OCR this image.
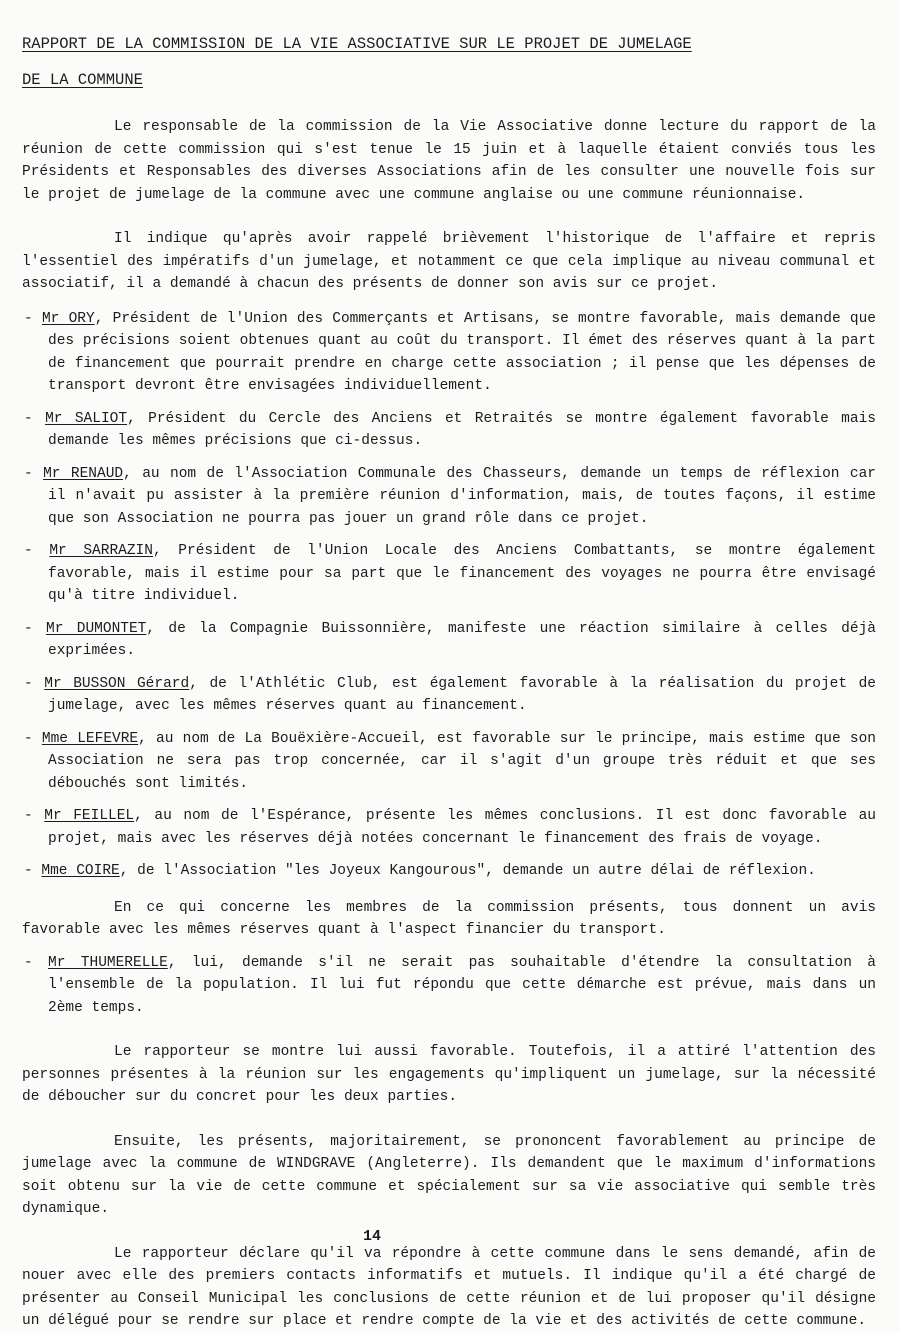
RAPPORT DE LA COMMISSION DE LA VIE ASSOCIATIVE SUR LE PROJET DE JUMELAGE
DE LA COMMUNE

Le responsable de la commission de la Vie Associative donne lecture du rapport de la réunion de cette commission qui s'est tenue le 15 juin et à laquelle étaient conviés tous les Présidents et Responsables des diverses Associations afin de les consulter une nouvelle fois sur le projet de jumelage de la commune avec une commune anglaise ou une commune réunionnaise.

Il indique qu'après avoir rappelé brièvement l'historique de l'affaire et repris l'essentiel des impératifs d'un jumelage, et notamment ce que cela implique au niveau communal et associatif, il a demandé à chacun des présents de donner son avis sur ce projet.

- Mr ORY, Président de l'Union des Commerçants et Artisans, se montre favorable, mais demande que des précisions soient obtenues quant au coût du transport. Il émet des réserves quant à la part de financement que pourrait prendre en charge cette association ; il pense que les dépenses de transport devront être envisagées individuellement.

- Mr SALIOT, Président du Cercle des Anciens et Retraités se montre également favorable mais demande les mêmes précisions que ci-dessus.

- Mr RENAUD, au nom de l'Association Communale des Chasseurs, demande un temps de réflexion car il n'avait pu assister à la première réunion d'information, mais, de toutes façons, il estime que son Association ne pourra pas jouer un grand rôle dans ce projet.

- Mr SARRAZIN, Président de l'Union Locale des Anciens Combattants, se montre également favorable, mais il estime pour sa part que le financement des voyages ne pourra être envisagé qu'à titre individuel.

- Mr DUMONTET, de la Compagnie Buissonnière, manifeste une réaction similaire à celles déjà exprimées.

- Mr BUSSON Gérard, de l'Athlétic Club, est également favorable à la réalisation du projet de jumelage, avec les mêmes réserves quant au financement.

- Mme LEFEVRE, au nom de La Bouëxière-Accueil, est favorable sur le principe, mais estime que son Association ne sera pas trop concernée, car il s'agit d'un groupe très réduit et que ses débouchés sont limités.

- Mr FEILLEL, au nom de l'Espérance, présente les mêmes conclusions. Il est donc favorable au projet, mais avec les réserves déjà notées concernant le financement des frais de voyage.

- Mme COIRE, de l'Association "les Joyeux Kangourous", demande un autre délai de réflexion.

En ce qui concerne les membres de la commission présents, tous donnent un avis favorable avec les mêmes réserves quant à l'aspect financier du transport.

- Mr THUMERELLE, lui, demande s'il ne serait pas souhaitable d'étendre la consultation à l'ensemble de la population. Il lui fut répondu que cette démarche est prévue, mais dans un 2ème temps.

Le rapporteur se montre lui aussi favorable. Toutefois, il a attiré l'attention des personnes présentes à la réunion sur les engagements qu'impliquent un jumelage, sur la nécessité de déboucher sur du concret pour les deux parties.

Ensuite, les présents, majoritairement, se prononcent favorablement au principe de jumelage avec la commune de WINDGRAVE (Angleterre). Ils demandent que le maximum d'informations soit obtenu sur la vie de cette commune et spécialement sur sa vie associative qui semble très dynamique.

Le rapporteur déclare qu'il va répondre à cette commune dans le sens demandé, afin de nouer avec elle des premiers contacts informatifs et mutuels. Il indique qu'il a été chargé de présenter au Conseil Municipal les conclusions de cette réunion et de lui proposer qu'il désigne un délégué pour se rendre sur place et rendre compte de la vie et des activités de cette commune.

14
